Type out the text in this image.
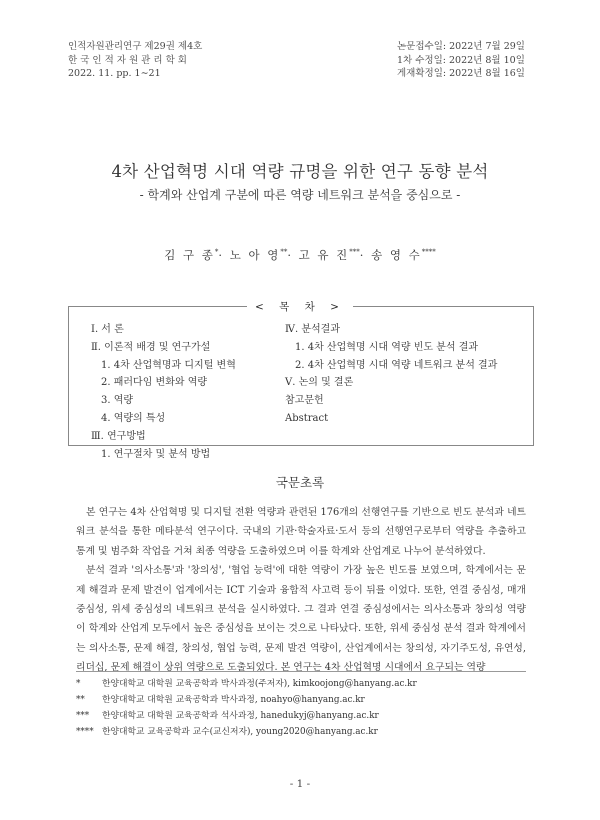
인적자원관리연구 제29권 제4호
한 국 인 적 자 원 관 리 학 회
2022. 11. pp. 1∼21
논문접수일: 2022년 7월 29일
1차 수정일: 2022년 8월 10일
게재확정일: 2022년 8월 16일
4차 산업혁명 시대 역량 규명을 위한 연구 동향 분석
- 학계와 산업계 구분에 따른 역량 네트워크 분석을 중심으로 -
김 구 종*· 노 아 영**· 고 유 진***· 송 영 수****
Ⅰ. 서 론
Ⅱ. 이론적 배경 및 연구가설
1. 4차 산업혁명과 디지털 변혁
2. 패러다임 변화와 역량
3. 역량
4. 역량의 특성
Ⅲ. 연구방법
1. 연구절차 및 분석 방법
Ⅳ. 분석결과
1. 4차 산업혁명 시대 역량 빈도 분석 결과
2. 4차 산업혁명 시대 역량 네트워크 분석 결과
Ⅴ. 논의 및 결론
참고문헌
Abstract
< 목 차 >
국문초록

본 연구는 4차 산업혁명 및 디지털 전환 역량과 관련된 176개의 선행연구를 기반으로 빈도 분석과 네트워크 분석을 통한 메타분석 연구이다. 국내의 기관·학술자료·도서 등의 선행연구로부터 역량을 추출하고 통계 및 범주화 작업을 거쳐 최종 역량을 도출하였으며 이를 학계와 산업계로 나누어 분석하였다.

분석 결과 '의사소통'과 '창의성', '협업 능력'에 대한 역량이 가장 높은 빈도를 보였으며, 학계에서는 문제 해결과 문제 발견이 업계에서는 ICT 기술과 융합적 사고력 등이 뒤를 이었다. 또한, 연결 중심성, 매개 중심성, 위세 중심성의 네트워크 분석을 실시하였다. 그 결과 연결 중심성에서는 의사소통과 창의성 역량이 학계와 산업계 모두에서 높은 중심성을 보이는 것으로 나타났다. 또한, 위세 중심성 분석 결과 학계에서는 의사소통, 문제 해결, 창의성, 협업 능력, 문제 발견 역량이, 산업계에서는 창의성, 자기주도성, 유연성, 리더십, 문제 해결이 상위 역량으로 도출되었다. 본 연구는 4차 산업혁명 시대에서 요구되는 역량

* 한양대학교 대학원 교육공학과 박사과정(주저자), kimkoojong@hanyang.ac.kr
** 한양대학교 대학원 교육공학과 박사과정, noahyo@hanyang.ac.kr
*** 한양대학교 대학원 교육공학과 석사과정, hanedukyj@hanyang.ac.kr
**** 한양대학교 교육공학과 교수(교신저자), young2020@hanyang.ac.kr
- 1 -
